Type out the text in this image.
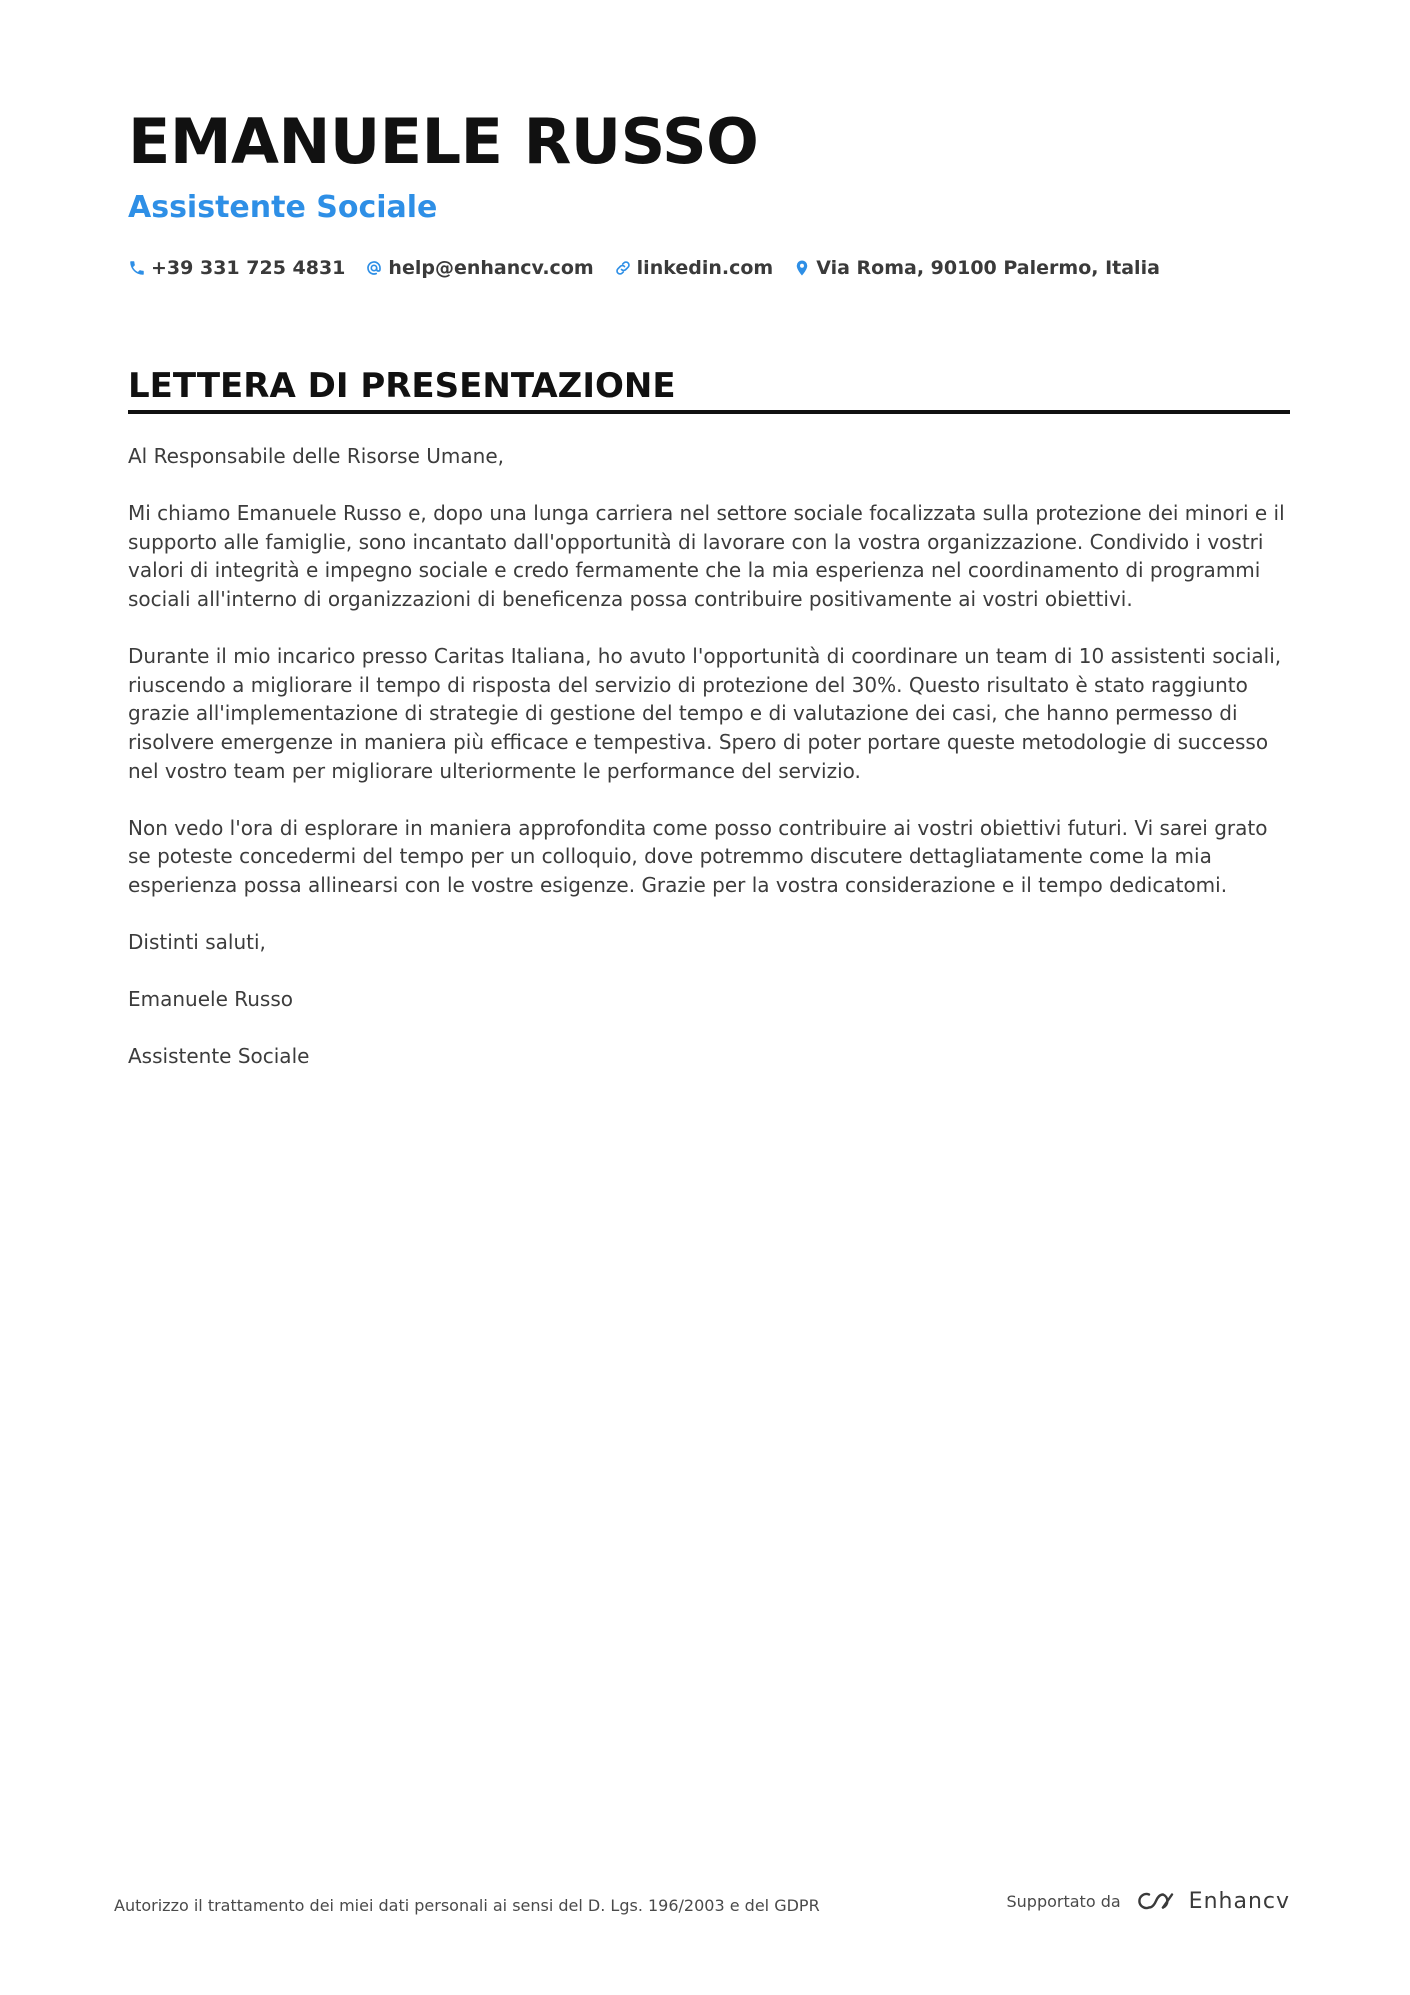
EMANUELE RUSSO
Assistente Sociale
+39 331 725 4831 help@enhancv.com linkedin.com Via Roma, 90100 Palermo, Italia
LETTERA DI PRESENTAZIONE

Al Responsabile delle Risorse Umane,

Mi chiamo Emanuele Russo e, dopo una lunga carriera nel settore sociale focalizzata sulla protezione dei minori e il supporto alle famiglie, sono incantato dall'opportunità di lavorare con la vostra organizzazione. Condivido i vostri valori di integrità e impegno sociale e credo fermamente che la mia esperienza nel coordinamento di programmi sociali all'interno di organizzazioni di beneficenza possa contribuire positivamente ai vostri obiettivi.

Durante il mio incarico presso Caritas Italiana, ho avuto l'opportunità di coordinare un team di 10 assistenti sociali, riuscendo a migliorare il tempo di risposta del servizio di protezione del 30%. Questo risultato è stato raggiunto grazie all'implementazione di strategie di gestione del tempo e di valutazione dei casi, che hanno permesso di risolvere emergenze in maniera più efficace e tempestiva. Spero di poter portare queste metodologie di successo nel vostro team per migliorare ulteriormente le performance del servizio.

Non vedo l'ora di esplorare in maniera approfondita come posso contribuire ai vostri obiettivi futuri. Vi sarei grato se poteste concedermi del tempo per un colloquio, dove potremmo discutere dettagliatamente come la mia esperienza possa allinearsi con le vostre esigenze. Grazie per la vostra considerazione e il tempo dedicatomi.

Distinti saluti,

Emanuele Russo

Assistente Sociale

Autorizzo il trattamento dei miei dati personali ai sensi del D. Lgs. 196/2003 e del GDPR	Supportato da	Enhancv
